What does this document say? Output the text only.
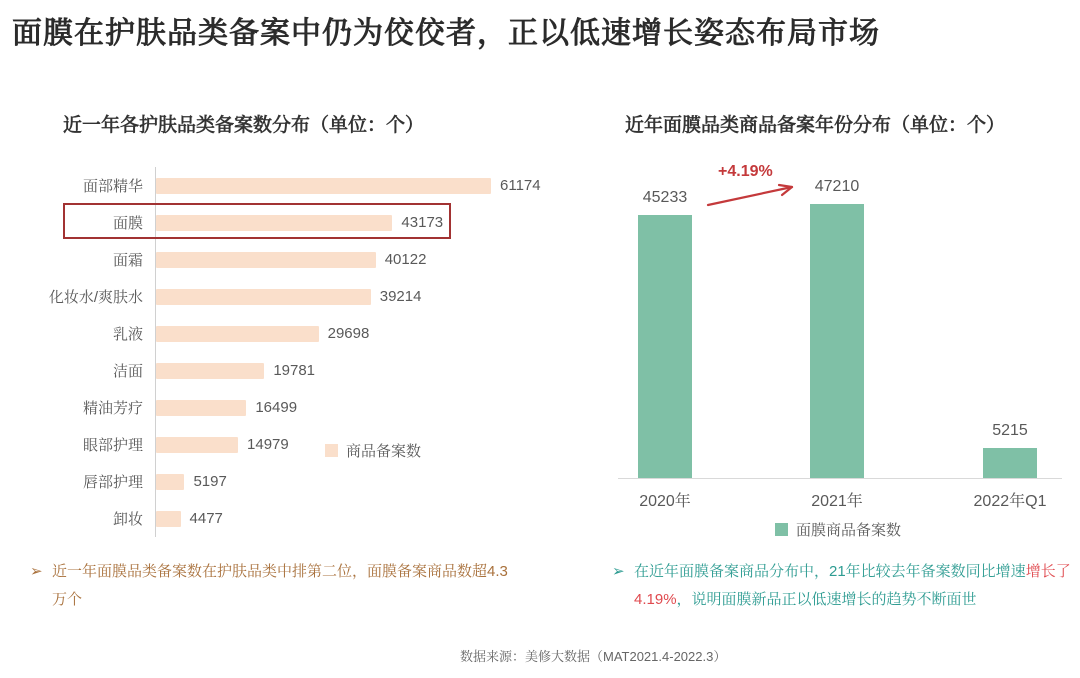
面膜在护肤品类备案中仍为佼佼者，正以低速增长姿态布局市场
近一年各护肤品类备案数分布（单位：个）	近年面膜品类商品备案年份分布（单位：个）
面部精华	61174
面膜	43173
面霜	40122
化妆水/爽肤水	39214
乳液	29698
洁面	19781
精油芳疗	16499
眼部护理	14979
唇部护理	5197
卸妆	4477
商品备案数
45233
47210
5215
+4.19%
面膜商品备案数
➢ 近一年面膜品类备案数在护肤品类中排第二位，面膜备案商品数超4.3万个
➢ 在近年面膜备案商品分布中，21年比较去年备案数同比增速增长了4.19%，说明面膜新品正以低速增长的趋势不断面世
数据来源：美修大数据（MAT2021.4-2022.3）
2020年	2021年	2022年Q1
